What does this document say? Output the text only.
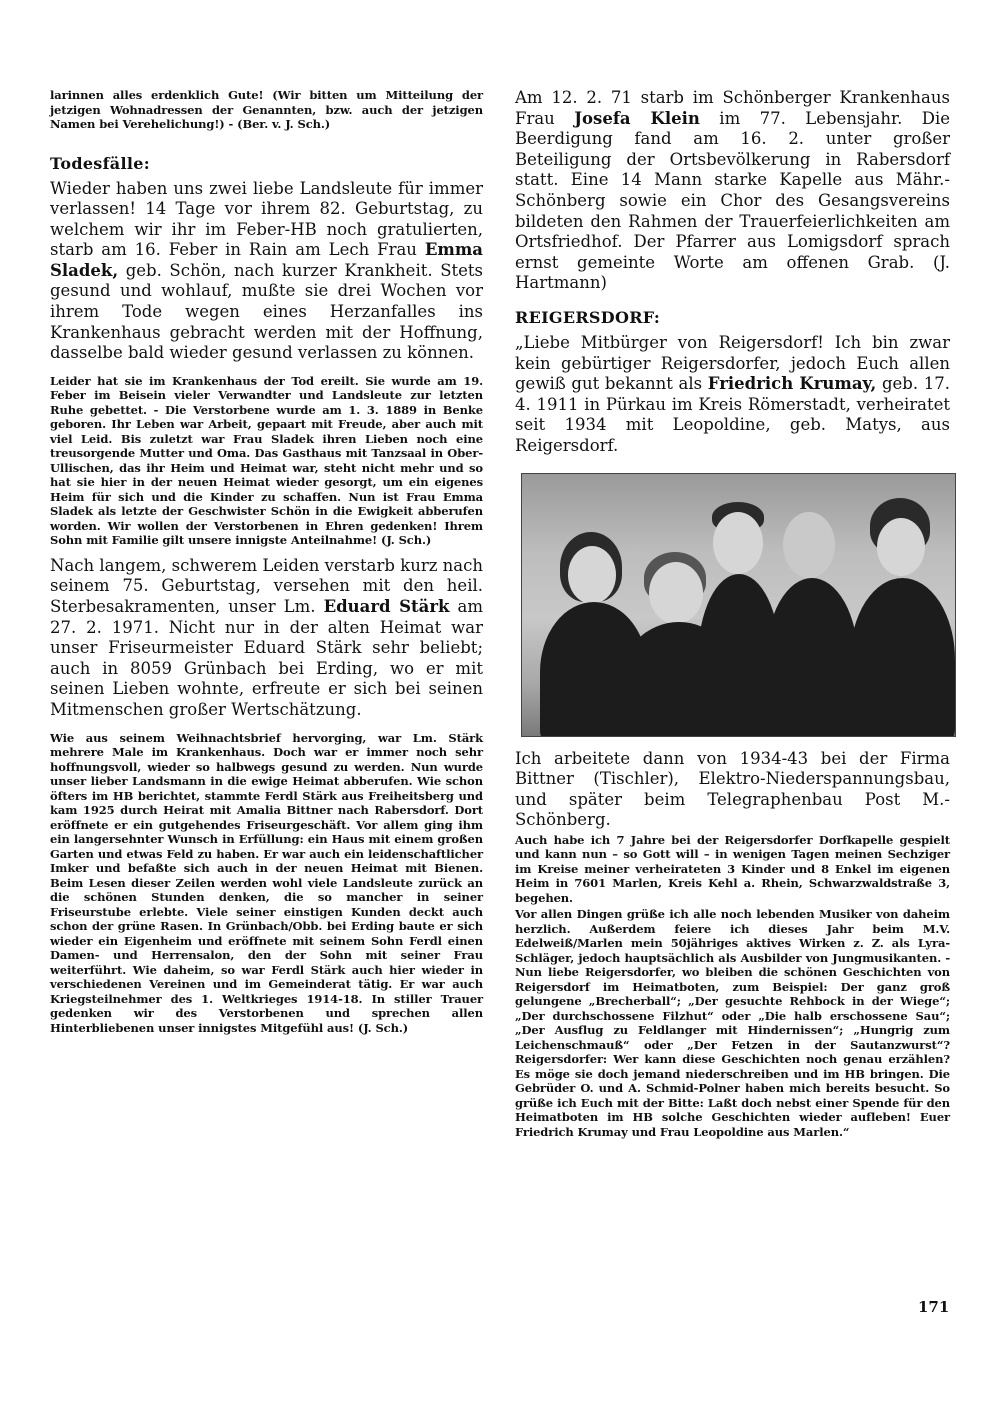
larinnen alles erdenklich Gute! (Wir bitten um Mitteilung der jetzigen Wohnadressen der Genannten, bzw. auch der jetzigen Namen bei Verehelichung!) - (Ber. v. J. Sch.)

Todesfälle:

Wieder haben uns zwei liebe Landsleute für immer verlassen! 14 Tage vor ihrem 82. Geburtstag, zu welchem wir ihr im Feber-HB noch gratulierten, starb am 16. Feber in Rain am Lech Frau Emma Sladek, geb. Schön, nach kurzer Krankheit. Stets gesund und wohlauf, mußte sie drei Wochen vor ihrem Tode wegen eines Herzanfalles ins Krankenhaus gebracht werden mit der Hoffnung, dasselbe bald wieder gesund verlassen zu können.

Leider hat sie im Krankenhaus der Tod ereilt. Sie wurde am 19. Feber im Beisein vieler Verwandter und Landsleute zur letzten Ruhe gebettet. - Die Verstorbene wurde am 1. 3. 1889 in Benke geboren. Ihr Leben war Arbeit, gepaart mit Freude, aber auch mit viel Leid. Bis zuletzt war Frau Sladek ihren Lieben noch eine treusorgende Mutter und Oma. Das Gasthaus mit Tanzsaal in Ober-Ullischen, das ihr Heim und Heimat war, steht nicht mehr und so hat sie hier in der neuen Heimat wieder gesorgt, um ein eigenes Heim für sich und die Kinder zu schaffen. Nun ist Frau Emma Sladek als letzte der Geschwister Schön in die Ewigkeit abberufen worden. Wir wollen der Verstorbenen in Ehren gedenken! Ihrem Sohn mit Familie gilt unsere innigste Anteilnahme! (J. Sch.)

Nach langem, schwerem Leiden verstarb kurz nach seinem 75. Geburtstag, versehen mit den heil. Sterbesakramenten, unser Lm. Eduard Stärk am 27. 2. 1971. Nicht nur in der alten Heimat war unser Friseurmeister Eduard Stärk sehr beliebt; auch in 8059 Grünbach bei Erding, wo er mit seinen Lieben wohnte, erfreute er sich bei seinen Mitmenschen großer Wertschätzung.

Wie aus seinem Weihnachtsbrief hervorging, war Lm. Stärk mehrere Male im Krankenhaus. Doch war er immer noch sehr hoffnungsvoll, wieder so halbwegs gesund zu werden. Nun wurde unser lieber Landsmann in die ewige Heimat abberufen. Wie schon öfters im HB berichtet, stammte Ferdl Stärk aus Freiheitsberg und kam 1925 durch Heirat mit Amalia Bittner nach Rabersdorf. Dort eröffnete er ein gutgehendes Friseurgeschäft. Vor allem ging ihm ein langersehnter Wunsch in Erfüllung: ein Haus mit einem großen Garten und etwas Feld zu haben. Er war auch ein leidenschaftlicher Imker und befaßte sich auch in der neuen Heimat mit Bienen. Beim Lesen dieser Zeilen werden wohl viele Landsleute zurück an die schönen Stunden denken, die so mancher in seiner Friseurstube erlebte. Viele seiner einstigen Kunden deckt auch schon der grüne Rasen. In Grünbach/Obb. bei Erding baute er sich wieder ein Eigenheim und eröffnete mit seinem Sohn Ferdl einen Damen- und Herrensalon, den der Sohn mit seiner Frau weiterführt. Wie daheim, so war Ferdl Stärk auch hier wieder in verschiedenen Vereinen und im Gemeinderat tätig. Er war auch Kriegsteilnehmer des 1. Weltkrieges 1914-18. In stiller Trauer gedenken wir des Verstorbenen und sprechen allen Hinterbliebenen unser innigstes Mitgefühl aus! (J. Sch.)

Am 12. 2. 71 starb im Schönberger Krankenhaus Frau Josefa Klein im 77. Lebensjahr. Die Beerdigung fand am 16. 2. unter großer Beteiligung der Ortsbevölkerung in Rabersdorf statt. Eine 14 Mann starke Kapelle aus Mähr.-Schönberg sowie ein Chor des Gesangsvereins bildeten den Rahmen der Trauerfeierlichkeiten am Ortsfriedhof. Der Pfarrer aus Lomigsdorf sprach ernst gemeinte Worte am offenen Grab. (J. Hartmann)

REIGERSDORF:

„Liebe Mitbürger von Reigersdorf! Ich bin zwar kein gebürtiger Reigersdorfer, jedoch Euch allen gewiß gut bekannt als Friedrich Krumay, geb. 17. 4. 1911 in Pürkau im Kreis Römerstadt, verheiratet seit 1934 mit Leopoldine, geb. Matys, aus Reigersdorf.

Ich arbeitete dann von 1934-43 bei der Firma Bittner (Tischler), Elektro-Niederspannungsbau, und später beim Telegraphenbau Post M.-Schönberg.

Auch habe ich 7 Jahre bei der Reigersdorfer Dorfkapelle gespielt und kann nun – so Gott will – in wenigen Tagen meinen Sechziger im Kreise meiner verheirateten 3 Kinder und 8 Enkel im eigenen Heim in 7601 Marlen, Kreis Kehl a. Rhein, Schwarzwaldstraße 3, begehen.

Vor allen Dingen grüße ich alle noch lebenden Musiker von daheim herzlich. Außerdem feiere ich dieses Jahr beim M.V. Edelweiß/Marlen mein 50jähriges aktives Wirken z. Z. als Lyra-Schläger, jedoch hauptsächlich als Ausbilder von Jungmusikanten. - Nun liebe Reigersdorfer, wo bleiben die schönen Geschichten von Reigersdorf im Heimatboten, zum Beispiel: Der ganz groß gelungene „Brecherball“; „Der gesuchte Rehbock in der Wiege“; „Der durchschossene Filzhut“ oder „Die halb erschossene Sau“; „Der Ausflug zu Feldlanger mit Hindernissen“; „Hungrig zum Leichenschmauß“ oder „Der Fetzen in der Sautanzwurst“? Reigersdorfer: Wer kann diese Geschichten noch genau erzählen? Es möge sie doch jemand niederschreiben und im HB bringen. Die Gebrüder O. und A. Schmid-Polner haben mich bereits besucht. So grüße ich Euch mit der Bitte: Laßt doch nebst einer Spende für den Heimatboten im HB solche Geschichten wieder aufleben! Euer Friedrich Krumay und Frau Leopoldine aus Marlen.“

171
